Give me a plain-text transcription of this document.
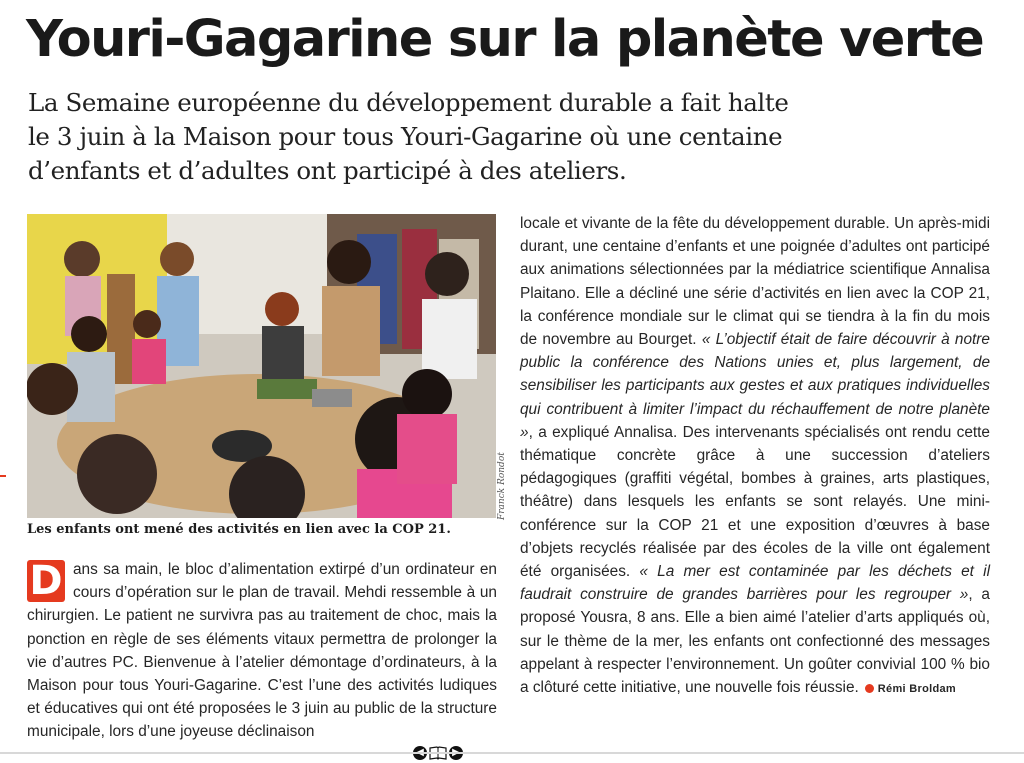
Youri-Gagarine sur la planète verte

La Semaine européenne du développement durable a fait halte
le 3 juin à la Maison pour tous Youri-Gagarine où une centaine
d’enfants et d’adultes ont participé à des ateliers.

Franck Rondot

Les enfants ont mené des activités en lien avec la COP 21.

D ans sa main, le bloc d’alimentation extirpé d’un ordinateur en cours d’opération sur le plan de travail. Mehdi ressemble à un chirurgien. Le patient ne survivra pas au traitement de choc, mais la ponction en règle de ses éléments vitaux permettra de prolonger la vie d’autres PC. Bienvenue à l’atelier démontage d’ordinateurs, à la Maison pour tous Youri-Gagarine. C’est l’une des activités ludiques et éducatives qui ont été proposées le 3 juin au public de la structure municipale, lors d’une joyeuse déclinaison

locale et vivante de la fête du développement durable. Un après-midi durant, une centaine d’enfants et une poignée d’adultes ont participé aux animations sélectionnées par la médiatrice scientifique Annalisa Plaitano. Elle a décliné une série d’activités en lien avec la COP 21, la conférence mondiale sur le climat qui se tiendra à la fin du mois de novembre au Bourget. « L’objectif était de faire découvrir à notre public la conférence des Nations unies et, plus largement, de sensibiliser les participants aux gestes et aux pratiques individuelles qui contribuent à limiter l’impact du réchauffement de notre planète », a expliqué Annalisa. Des intervenants spécialisés ont rendu cette thématique concrète grâce à une succession d’ateliers pédagogiques (graffiti végétal, bombes à graines, arts plastiques, théâtre) dans lesquels les enfants se sont relayés. Une mini-conférence sur la COP 21 et une exposition d’œuvres à base d’objets recyclés réalisée par des écoles de la ville ont également été organisées. « La mer est contaminée par les déchets et il faudrait construire de grandes barrières pour les regrouper », a proposé Yousra, 8 ans. Elle a bien aimé l’atelier d’arts appliqués où, sur le thème de la mer, les enfants ont confectionné des messages appelant à respecter l’environnement. Un goûter convivial 100 % bio a clôturé cette initiative, une nouvelle fois réussie. Rémi Broldam
